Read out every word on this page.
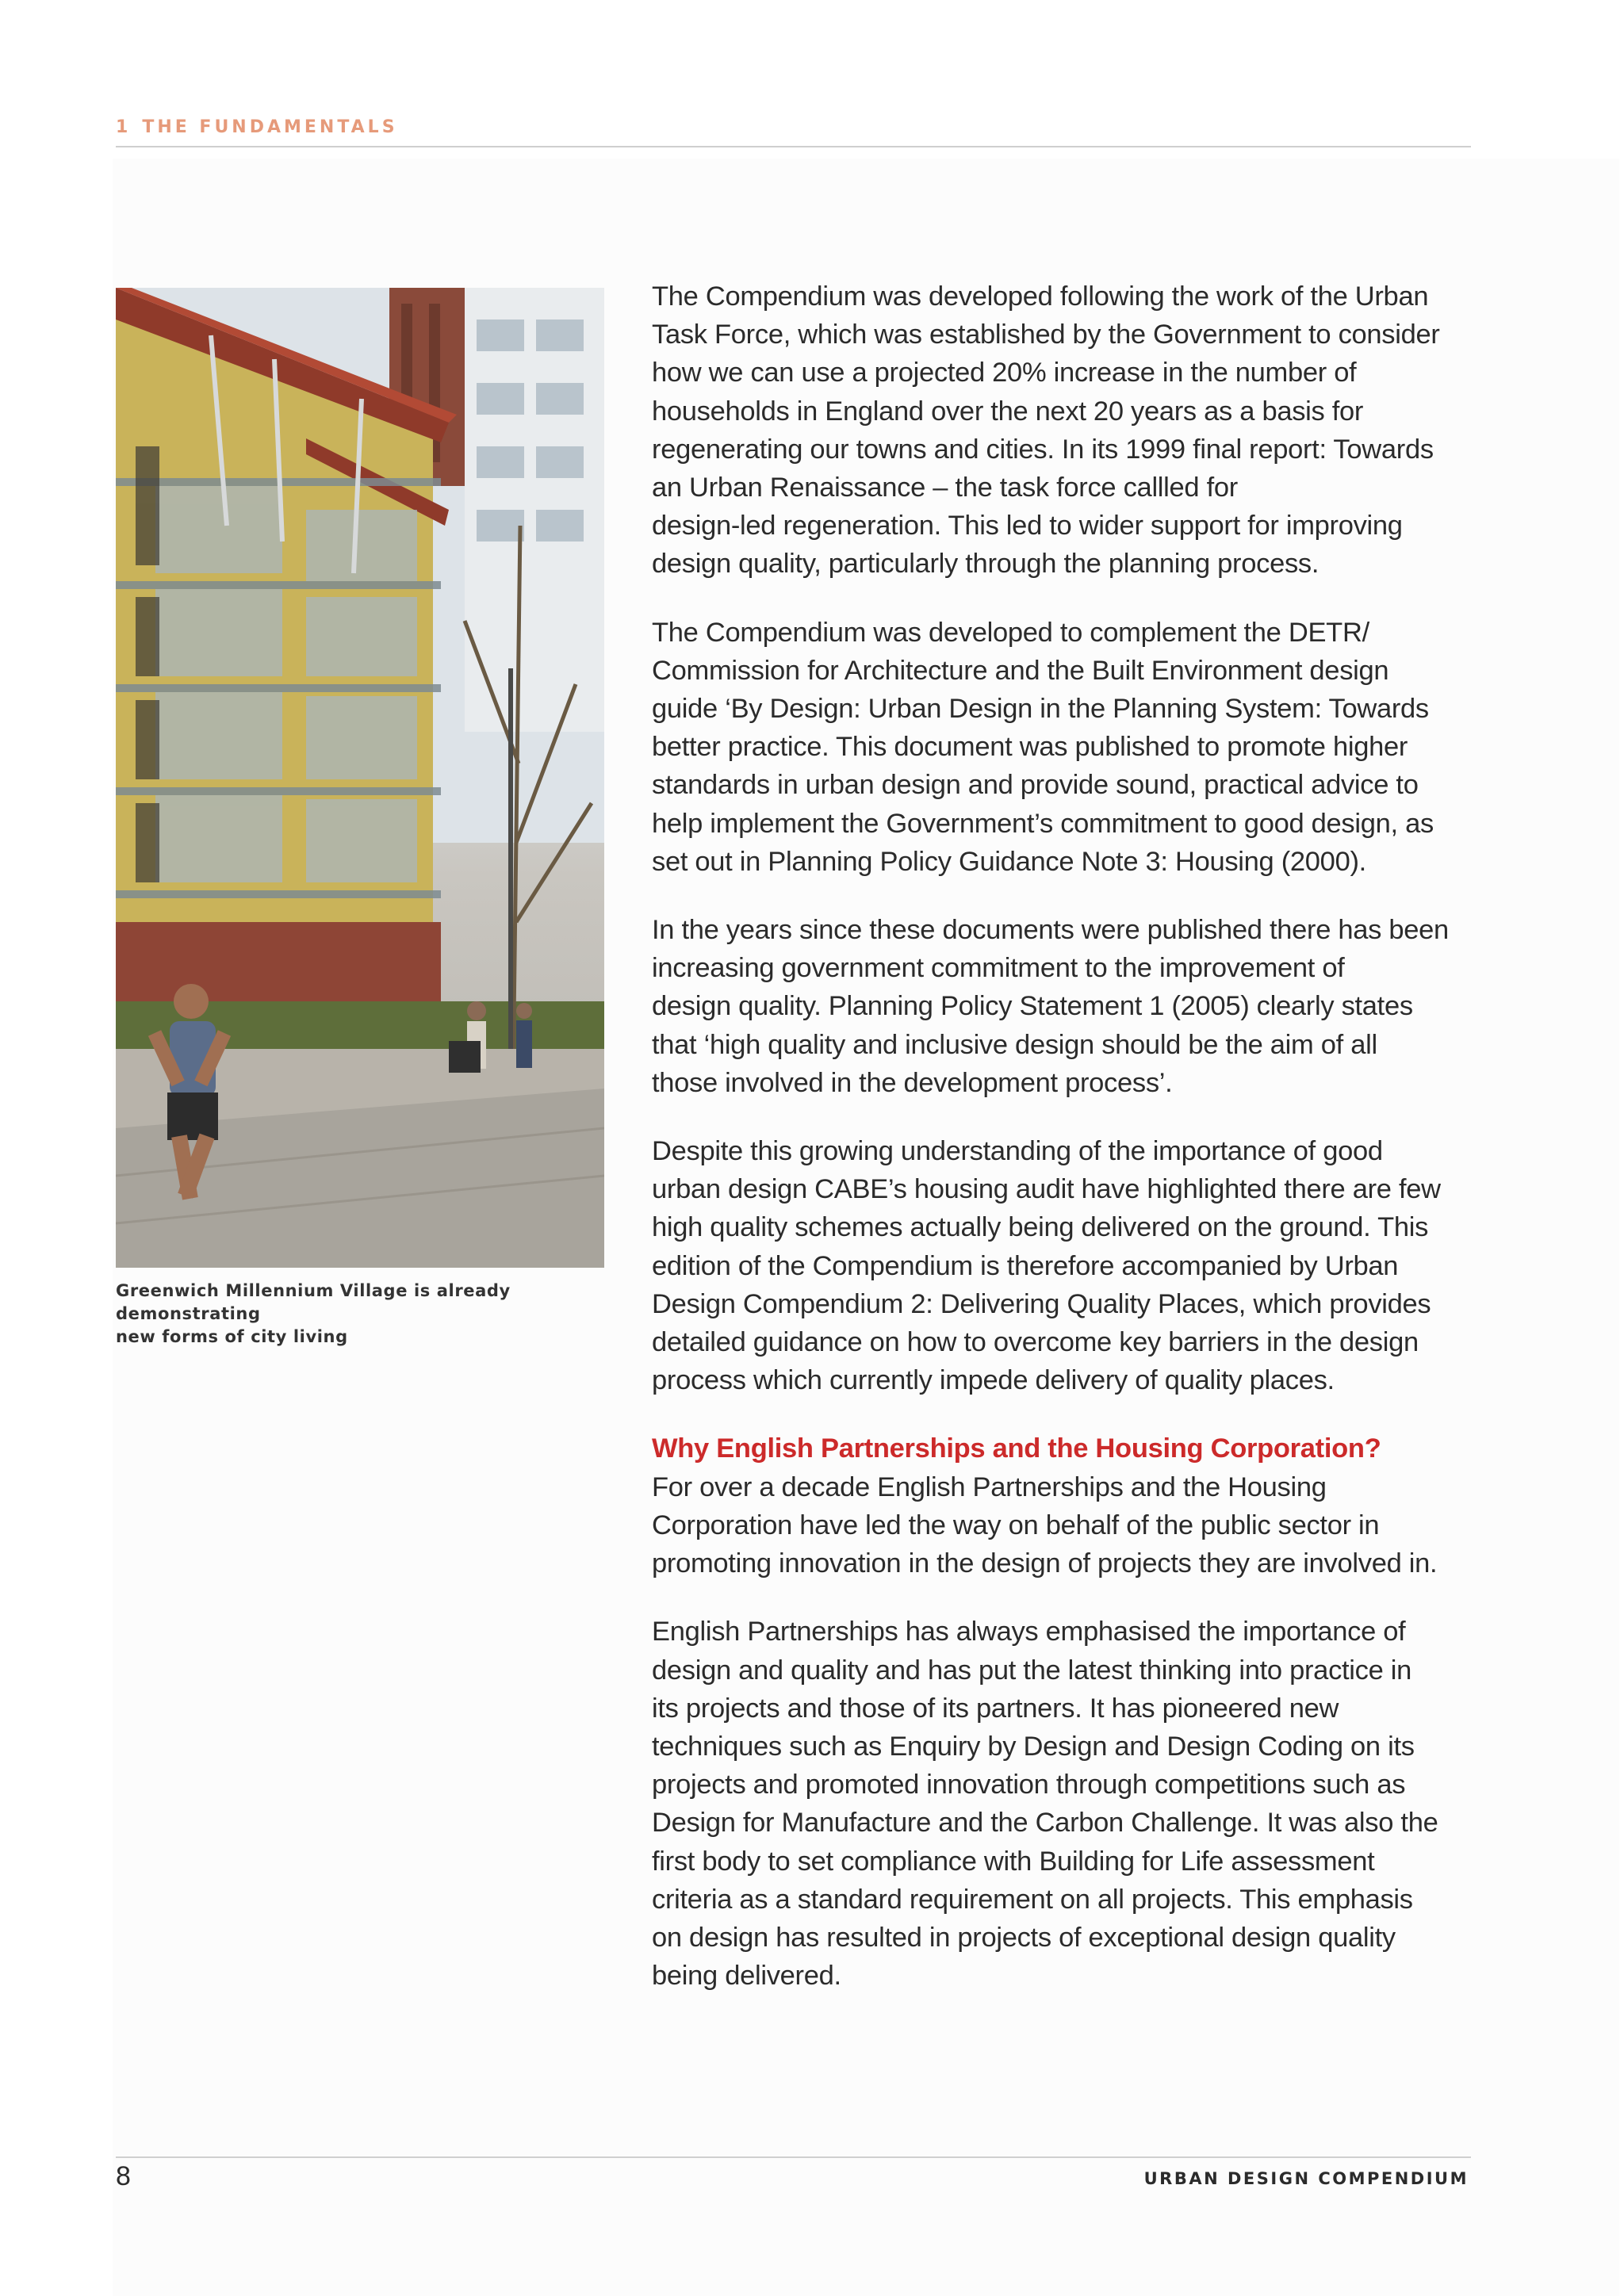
1 THE FUNDAMENTALS
Greenwich Millennium Village is already demonstrating
new forms of city living

The Compendium was developed following the work of the Urban
Task Force, which was established by the Government to consider
how we can use a projected 20% increase in the number of
households in England over the next 20 years as a basis for
regenerating our towns and cities. In its 1999 final report: Towards
an Urban Renaissance – the task force callled for
design-led regeneration. This led to wider support for improving
design quality, particularly through the planning process.

The Compendium was developed to complement the DETR/
Commission for Architecture and the Built Environment design
guide ‘By Design: Urban Design in the Planning System: Towards
better practice. This document was published to promote higher
standards in urban design and provide sound, practical advice to
help implement the Government’s commitment to good design, as
set out in Planning Policy Guidance Note 3: Housing (2000).

In the years since these documents were published there has been
increasing government commitment to the improvement of
design quality. Planning Policy Statement 1 (2005) clearly states
that ‘high quality and inclusive design should be the aim of all
those involved in the development process’.

Despite this growing understanding of the importance of good
urban design CABE’s housing audit have highlighted there are few
high quality schemes actually being delivered on the ground. This
edition of the Compendium is therefore accompanied by Urban
Design Compendium 2: Delivering Quality Places, which provides
detailed guidance on how to overcome key barriers in the design
process which currently impede delivery of quality places.

Why English Partnerships and the Housing Corporation?

For over a decade English Partnerships and the Housing
Corporation have led the way on behalf of the public sector in
promoting innovation in the design of projects they are involved in.

English Partnerships has always emphasised the importance of
design and quality and has put the latest thinking into practice in
its projects and those of its partners. It has pioneered new
techniques such as Enquiry by Design and Design Coding on its
projects and promoted innovation through competitions such as
Design for Manufacture and the Carbon Challenge. It was also the
first body to set compliance with Building for Life assessment
criteria as a standard requirement on all projects. This emphasis
on design has resulted in projects of exceptional design quality
being delivered.

8	URBAN DESIGN COMPENDIUM
